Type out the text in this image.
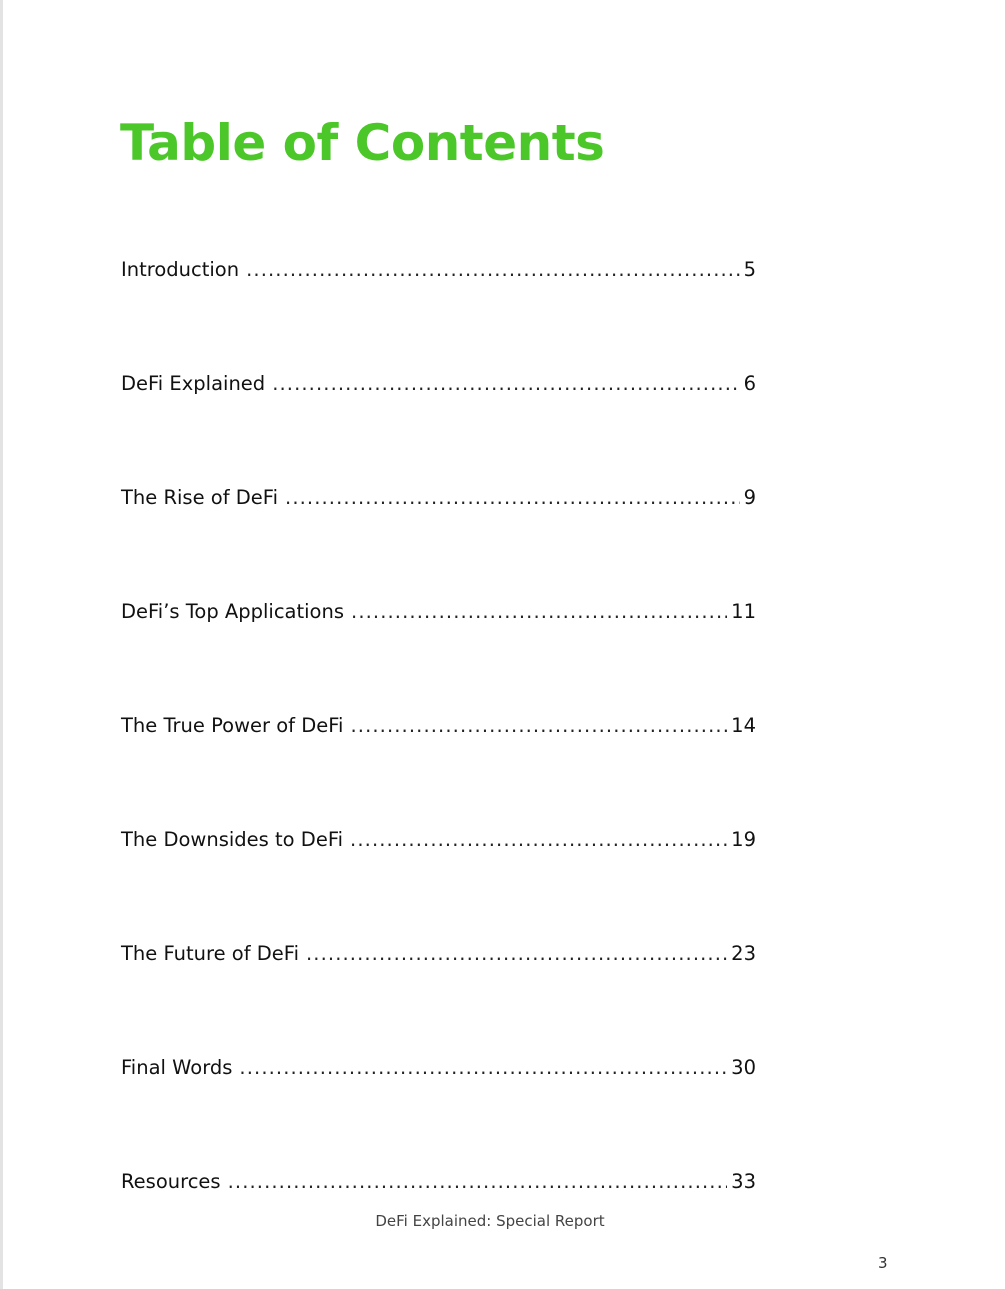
Table of Contents
Introduction .....	5
DeFi Explained .....	6
The Rise of DeFi .....	9
DeFi’s Top Applications .....	11
The True Power of DeFi .....	14
The Downsides to DeFi .....	19
The Future of DeFi .....	23
Final Words .....	30
Resources .....	33
DeFi Explained: Special Report
3
